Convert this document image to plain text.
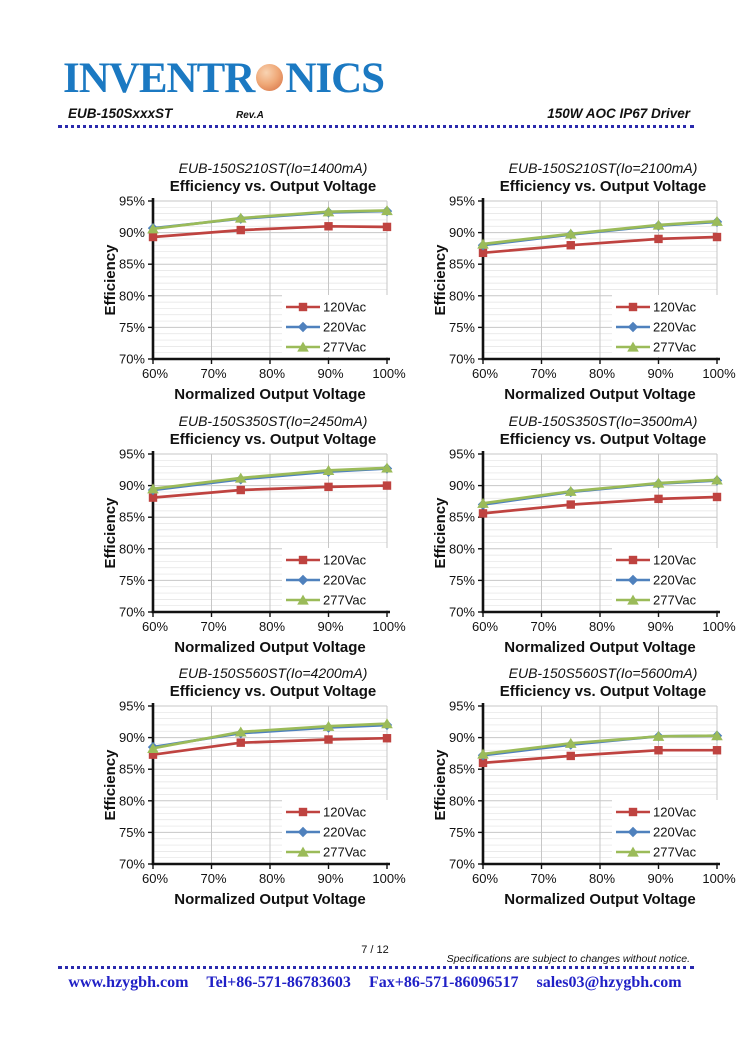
INVENTR NICS
EUB-150SxxxST	Rev.A	150W AOC IP67 Driver
EUB-150S210ST(Io=1400mA)
Efficiency vs. Output Voltage
70%
75%
80%
85%
90%
95%
60% 70% 80% 90% 100%
Efficiency
Normalized Output Voltage
120Vac
220Vac
277Vac
EUB-150S210ST(Io=2100mA)
Efficiency vs. Output Voltage
70%
75%
80%
85%
90%
95%
60% 70% 80% 90% 100%
Efficiency
Normalized Output Voltage
120Vac
220Vac
277Vac
EUB-150S350ST(Io=2450mA)
Efficiency vs. Output Voltage
70%
75%
80%
85%
90%
95%
60% 70% 80% 90% 100%
Efficiency
Normalized Output Voltage
120Vac
220Vac
277Vac
EUB-150S350ST(Io=3500mA)
Efficiency vs. Output Voltage
70%
75%
80%
85%
90%
95%
60% 70% 80% 90% 100%
Efficiency
Normalized Output Voltage
120Vac
220Vac
277Vac
EUB-150S560ST(Io=4200mA)
Efficiency vs. Output Voltage
70%
75%
80%
85%
90%
95%
60% 70% 80% 90% 100%
Efficiency
Normalized Output Voltage
120Vac
220Vac
277Vac
EUB-150S560ST(Io=5600mA)
Efficiency vs. Output Voltage
70%
75%
80%
85%
90%
95%
60% 70% 80% 90% 100%
Efficiency
Normalized Output Voltage
120Vac
220Vac
277Vac
7 / 12
Specifications are subject to changes without notice.
www.hzygbh.com Tel+86-571-86783603 Fax+86-571-86096517 sales03@hzygbh.com
